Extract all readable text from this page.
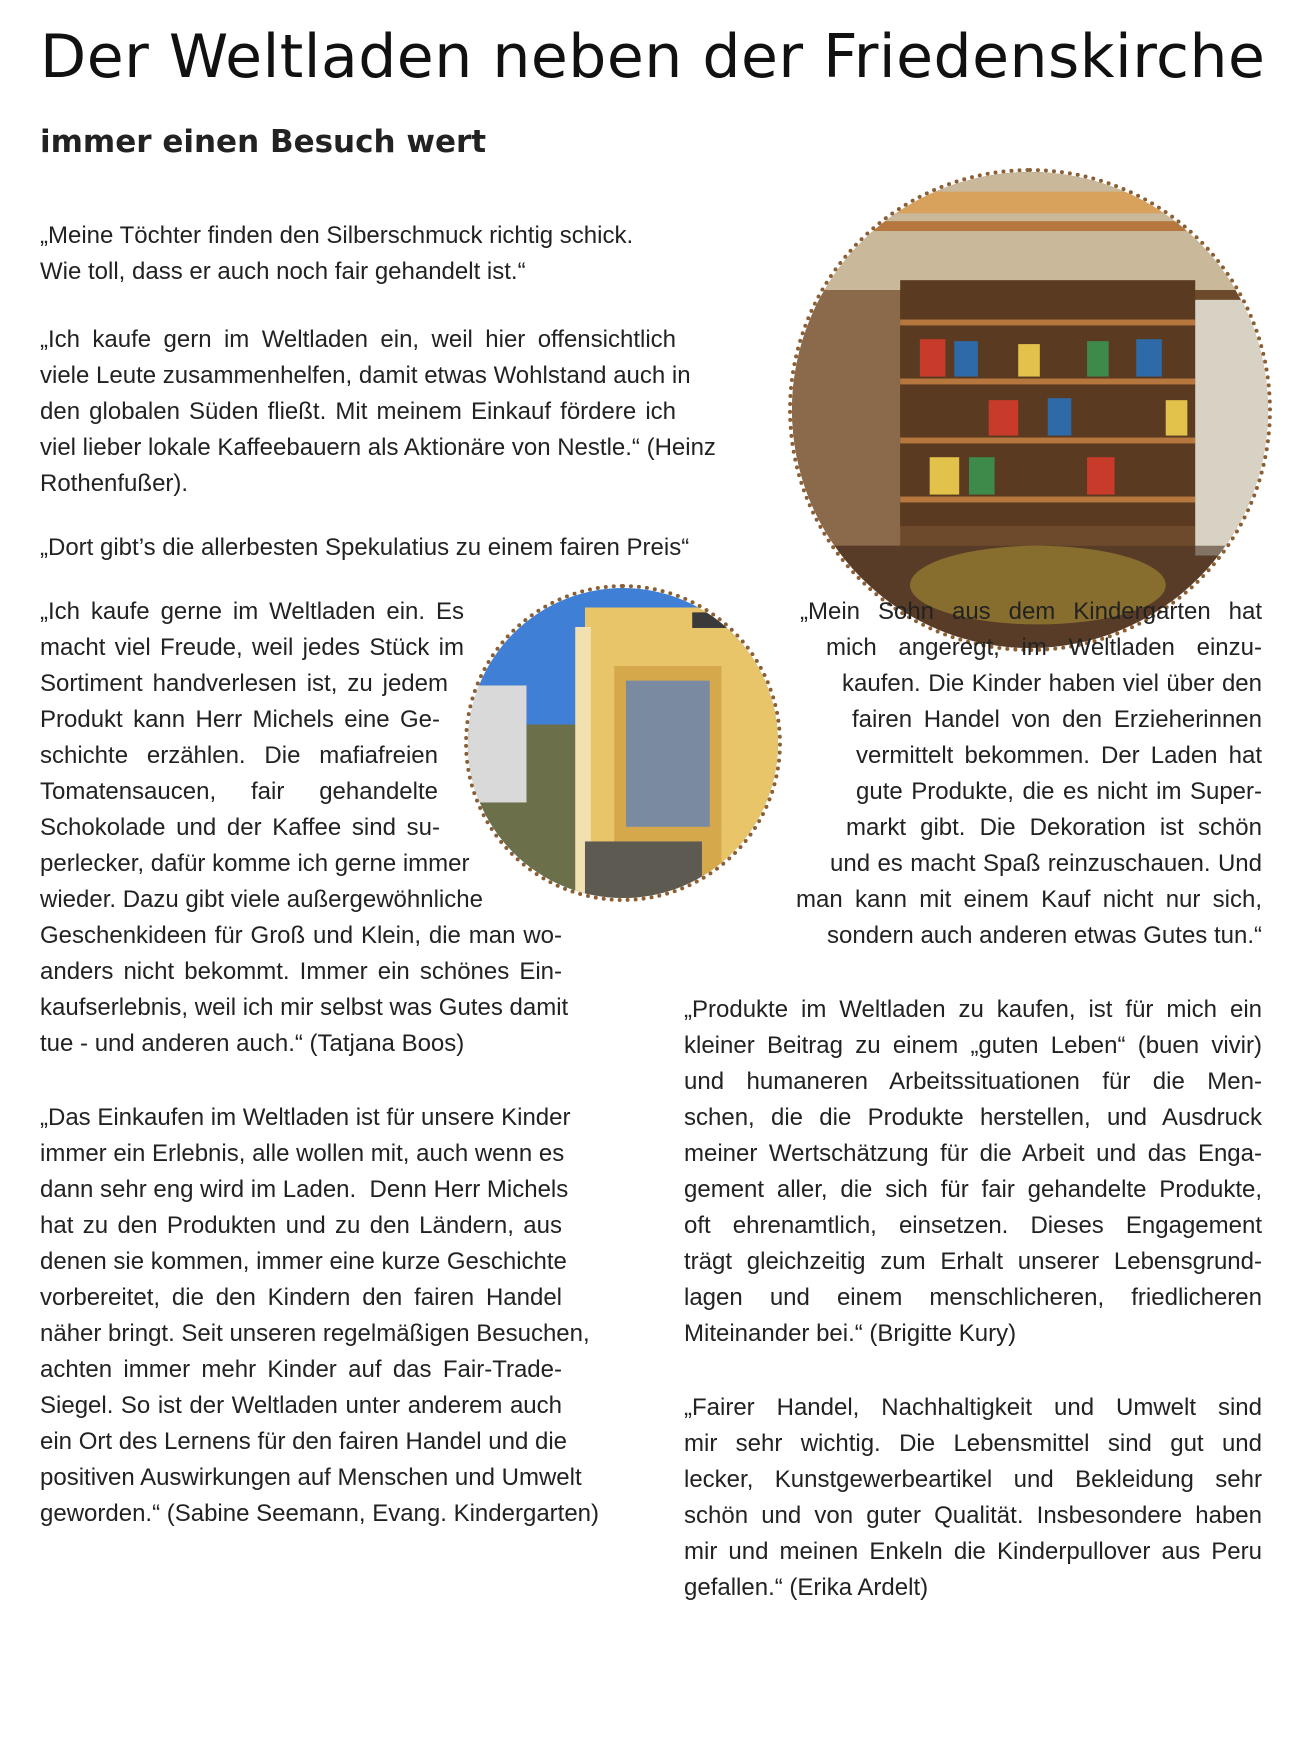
Der Weltladen neben der Friedenskirche
immer einen Besuch wert

„Meine Töchter finden den Silberschmuck richtig schick.

Wie toll, dass er auch noch fair gehandelt ist.“

„Ich kaufe gern im Weltladen ein, weil hier offensichtlich

viele Leute zusammenhelfen, damit etwas Wohlstand auch in

den globalen Süden fließt. Mit meinem Einkauf fördere ich

viel lieber lokale Kaffeebauern als Aktionäre von Nestle.“ (Heinz

Rothenfußer).

„Dort gibt’s die allerbesten Spekulatius zu einem fairen Preis“

„Ich kaufe gerne im Weltladen ein. Es

macht viel Freude, weil jedes Stück im

Sortiment handverlesen ist, zu jedem

Produkt kann Herr Michels eine Ge-

schichte erzählen. Die mafiafreien

Tomatensaucen, fair gehandelte

Schokolade und der Kaffee sind su-

perlecker, dafür komme ich gerne immer

wieder. Dazu gibt viele außergewöhnliche

Geschenkideen für Groß und Klein, die man wo-

anders nicht bekommt. Immer ein schönes Ein-

kaufserlebnis, weil ich mir selbst was Gutes damit

tue - und anderen auch.“ (Tatjana Boos)

„Das Einkaufen im Weltladen ist für unsere Kinder

immer ein Erlebnis, alle wollen mit, auch wenn es

dann sehr eng wird im Laden.  Denn Herr Michels

hat zu den Produkten und zu den Ländern, aus

denen sie kommen, immer eine kurze Geschichte

vorbereitet, die den Kindern den fairen Handel

näher bringt. Seit unseren regelmäßigen Besuchen,

achten immer mehr Kinder auf das Fair-Trade-

Siegel. So ist der Weltladen unter anderem auch

ein Ort des Lernens für den fairen Handel und die

positiven Auswirkungen auf Menschen und Umwelt

geworden.“ (Sabine Seemann, Evang. Kindergarten)

„Mein Sohn aus dem Kindergarten hat

mich angeregt, im Weltladen einzu-

kaufen. Die Kinder haben viel über den

fairen Handel von den Erzieherinnen

vermittelt bekommen. Der Laden hat

gute Produkte, die es nicht im Super-

markt gibt. Die Dekoration ist schön

und es macht Spaß reinzuschauen. Und

man kann mit einem Kauf nicht nur sich,

sondern auch anderen etwas Gutes tun.“

„Produkte im Weltladen zu kaufen, ist für mich ein

kleiner Beitrag zu einem „guten Leben“ (buen vivir)

und humaneren Arbeitssituationen für die Men-

schen, die die Produkte herstellen, und Ausdruck

meiner Wertschätzung für die Arbeit und das Enga-

gement aller, die sich für fair gehandelte Produkte,

oft ehrenamtlich, einsetzen. Dieses Engagement

trägt gleichzeitig zum Erhalt unserer Lebensgrund-

lagen und einem menschlicheren, friedlicheren

Miteinander bei.“ (Brigitte Kury)

„Fairer Handel, Nachhaltigkeit und Umwelt sind

mir sehr wichtig. Die Lebensmittel sind gut und

lecker, Kunstgewerbeartikel und Bekleidung sehr

schön und von guter Qualität. Insbesondere haben

mir und meinen Enkeln die Kinderpullover aus Peru

gefallen.“ (Erika Ardelt)
